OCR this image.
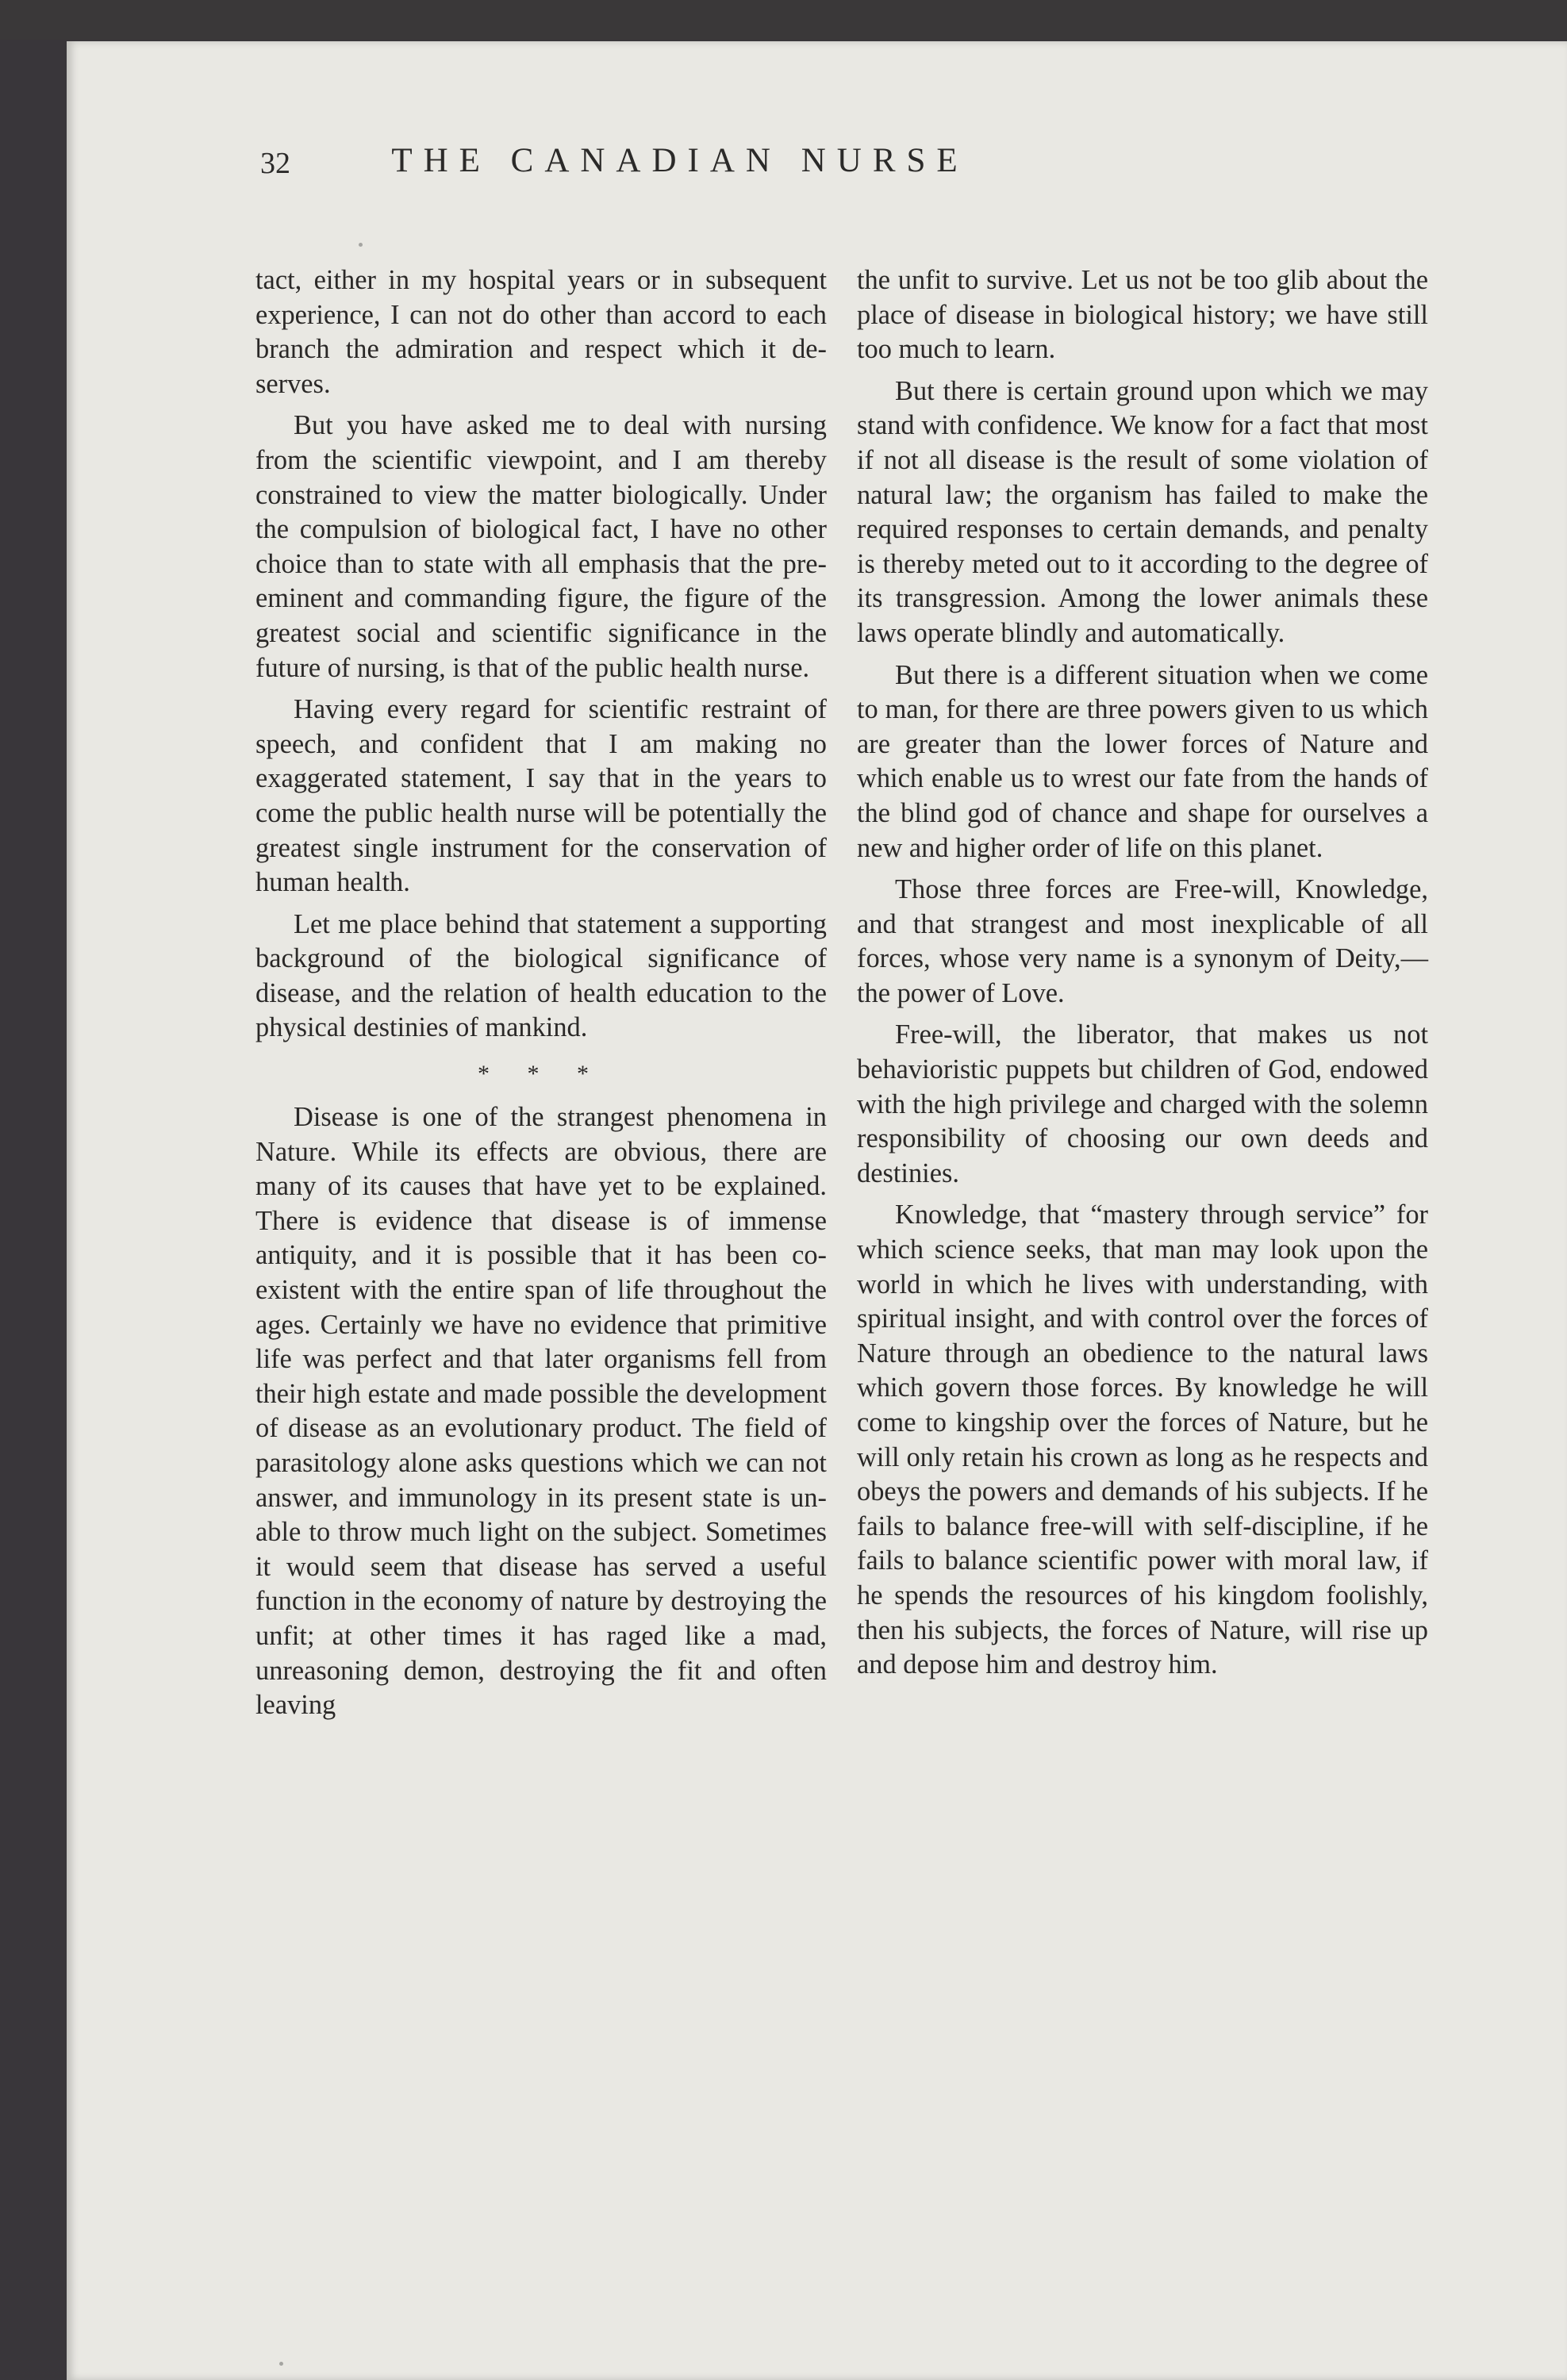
32	THE CANADIAN NURSE

tact, either in my hospital years or in subsequent experience, I can not do other than accord to each branch the admiration and respect which it deserves.

But you have asked me to deal with nursing from the scientific viewpoint, and I am thereby constrained to view the matter biologically. Under the compulsion of biological fact, I have no other choice than to state with all emphasis that the pre-eminent and commanding figure, the figure of the greatest social and scientific significance in the future of nursing, is that of the public health nurse.

Having every regard for scientific restraint of speech, and confident that I am making no exaggerated statement, I say that in the years to come the public health nurse will be potentially the greatest single instrument for the conservation of human health.

Let me place behind that statement a supporting background of the biological significance of disease, and the relation of health education to the physical destinies of mankind.

* * *

Disease is one of the strangest phenomena in Nature. While its effects are obvious, there are many of its causes that have yet to be explained. There is evidence that disease is of immense antiquity, and it is possible that it has been co-existent with the entire span of life throughout the ages. Certainly we have no evidence that primitive life was perfect and that later organisms fell from their high estate and made possible the development of disease as an evolutionary product. The field of parasitology alone asks questions which we can not answer, and immunology in its present state is unable to throw much light on the subject. Sometimes it would seem that disease has served a useful function in the economy of nature by destroying the unfit; at other times it has raged like a mad, unreasoning demon, destroying the fit and often leaving

the unfit to survive. Let us not be too glib about the place of disease in biological history; we have still too much to learn.

But there is certain ground upon which we may stand with confidence. We know for a fact that most if not all disease is the result of some violation of natural law; the organism has failed to make the required responses to certain demands, and penalty is thereby meted out to it according to the degree of its transgression. Among the lower animals these laws operate blindly and automatically.

But there is a different situation when we come to man, for there are three powers given to us which are greater than the lower forces of Nature and which enable us to wrest our fate from the hands of the blind god of chance and shape for ourselves a new and higher order of life on this planet.

Those three forces are Free-will, Knowledge, and that strangest and most inexplicable of all forces, whose very name is a synonym of Deity,—the power of Love.

Free-will, the liberator, that makes us not behavioristic puppets but children of God, endowed with the high privilege and charged with the solemn responsibility of choosing our own deeds and destinies.

Knowledge, that “mastery through service” for which science seeks, that man may look upon the world in which he lives with understanding, with spiritual insight, and with control over the forces of Nature through an obedience to the natural laws which govern those forces. By knowledge he will come to kingship over the forces of Nature, but he will only retain his crown as long as he respects and obeys the powers and demands of his subjects. If he fails to balance free-will with self-discipline, if he fails to balance scientific power with moral law, if he spends the resources of his kingdom foolishly, then his subjects, the forces of Nature, will rise up and depose him and destroy him.
